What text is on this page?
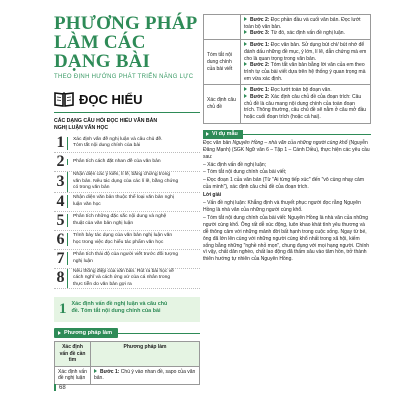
PHƯƠNG PHÁP
LÀM CÁC DẠNG BÀI
THEO ĐỊNH HƯỚNG PHÁT TRIỂN NĂNG LỰC
ĐỌC HIỂU
CÁC DẠNG CÂU HỎI ĐỌC HIỂU VĂN BẢN
NGHỊ LUẬN VĂN HỌC
1	Xác định vấn đề nghị luận và câu chủ đề.
Tóm tắt nội dung chính của bài
2	Phân tích cách đặt nhan đề của văn bản
3	Nhận diện các ý kiến, lí lẽ, bằng chứng trong
văn bản. Nêu tác dụng của các lí lẽ, bằng chứng
có trong văn bản
4	Nhận diện văn bản thuộc thể loại văn bản nghị
luận văn học
5	Phân tích những đặc sắc nội dung và nghệ
thuật của văn bản nghị luận
6	Trình bày tác dụng của văn bản nghị luận văn
học trong việc đọc hiểu tác phẩm văn học
7	Phân tích thái độ của người viết trước đối tượng
nghị luận
8	Nêu thông điệp của văn bản. Rút ra bài học về
cách nghĩ và cách ứng xử của cá nhân trong
thực tiễn do văn bản gợi ra
1 Xác định vấn đề nghị luận và câu chủ
đề. Tóm tắt nội dung chính của bài
Phương pháp làm
Xác định vấn đề cần tìm	Phương pháp làm
Xác định vấn đề nghị luận	Bước 1: Chú ý vào nhan đề, sapo của văn bản.
68

	Bước 2: Đọc phần đầu và cuối văn bản. Đọc lướt toàn bộ văn bản.
Bước 3: Từ đó, xác định vấn đề nghị luận.

Tóm tắt nội dung chính của bài viết	Bước 1: Đọc văn bản. Sử dụng bút chì/ bút nhớ để đánh dấu những đề mục, ý lớn, lí lẽ, dẫn chứng mà em cho là quan trọng trong văn bản.
Bước 2: Tóm tắt văn bản bằng lời văn của em theo trình tự của bài viết dựa trên hệ thống ý quan trọng mà em vừa xác định.

Xác định câu chủ đề	Bước 1: Đọc lướt toàn bộ đoạn văn.
Bước 2: Xác định câu chủ đề của đoạn trích: Câu chủ đề là câu mang nội dung chính của toàn đoạn trích. Thông thường, câu chủ đề sẽ nằm ở câu mở đầu hoặc cuối đoạn trích (hoặc cả hai).
Ví dụ mẫu
Đọc văn bản Nguyên Hồng – nhà văn của những người cùng khổ (Nguyễn Đăng Mạnh) (SGK Ngữ văn 6 – Tập 1 – Cánh Diều), thực hiện các yêu cầu sau:
– Xác định vấn đề nghị luận;
– Tóm tắt nội dung chính của bài viết;
– Đọc đoạn 1 của văn bản (Từ "Ai từng tiếp xúc" đến "vô cùng nhạy cảm của mình"), xác định câu chủ đề của đoạn trích.
Lời giải
– Vấn đề nghị luận: Khẳng định và thuyết phục người đọc rằng Nguyên Hồng là nhà văn của những người cùng khổ.
– Tóm tắt nội dung chính của bài viết: Nguyên Hồng là nhà văn của những người cùng khổ. Ông rất dễ xúc động, luôn khao khát tình yêu thương và dễ thông cảm với những mảnh đời bất hạnh trong cuộc sống. Ngay từ bé, ông đã lớn lên cùng với những người cùng khổ nhất trong xã hội, kiếm sống bằng những "nghề nhỏ mọn", chung đụng với mọi hạng người. Chính vì vậy, chất dân nghèo, chất lao động đã thấm sâu vào tâm hồn, trở thành thiên hướng tự nhiên của Nguyên Hồng.
